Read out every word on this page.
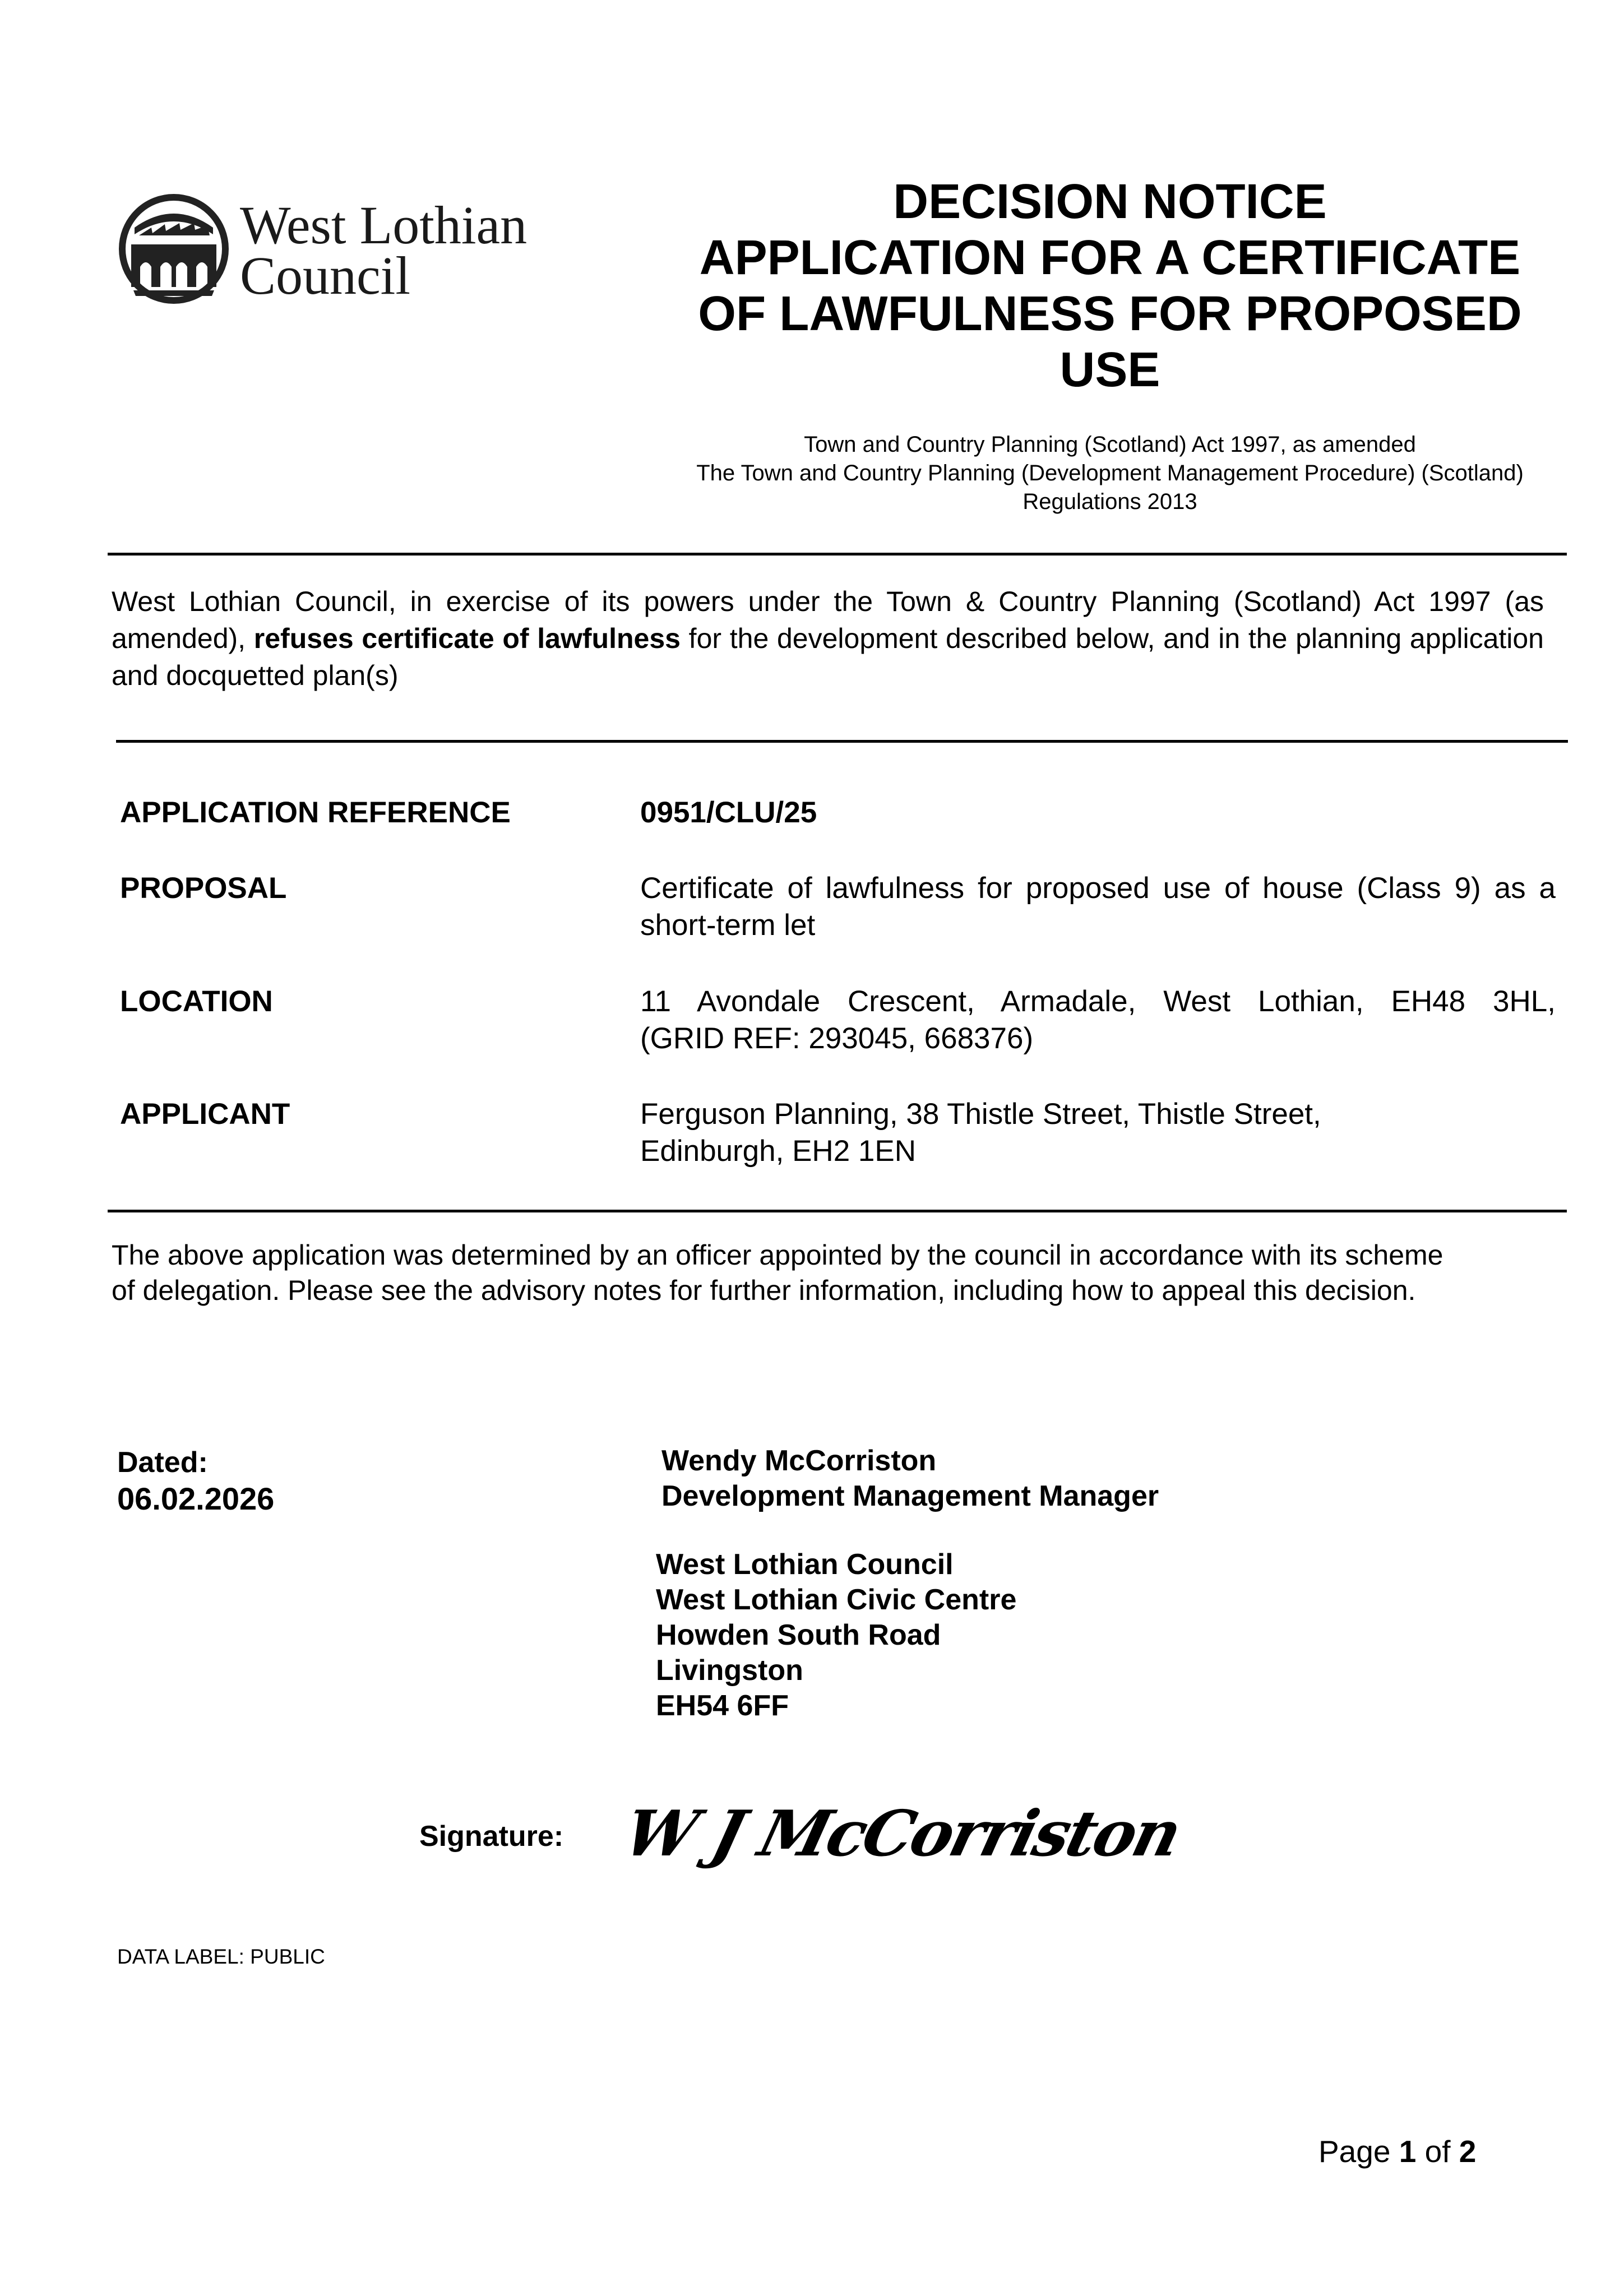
West Lothian
Council
DECISION NOTICE
APPLICATION FOR A CERTIFICATE
OF LAWFULNESS FOR PROPOSED
USE
Town and Country Planning (Scotland) Act 1997, as amended
The Town and Country Planning (Development Management Procedure) (Scotland)
Regulations 2013
West Lothian Council, in exercise of its powers under the Town & Country Planning (Scotland) Act 1997 (as amended), refuses certificate of lawfulness for the development described below, and in the planning application and docquetted plan(s)
APPLICATION REFERENCE	0951/CLU/25
PROPOSAL	Certificate of lawfulness for proposed use of house (Class 9) as a short-term let
LOCATION	11 Avondale Crescent, Armadale, West Lothian, EH48 3HL,
(GRID REF: 293045, 668376)
APPLICANT	Ferguson Planning, 38 Thistle Street, Thistle Street,
Edinburgh, EH2 1EN
The above application was determined by an officer appointed by the council in accordance with its scheme
of delegation. Please see the advisory notes for further information, including how to appeal this decision.
Dated:
06.02.2026
Wendy McCorriston
Development Management Manager
West Lothian Council
West Lothian Civic Centre
Howden South Road
Livingston
EH54 6FF
Signature: W J McCorriston
DATA LABEL: PUBLIC
Page 1 of 2
